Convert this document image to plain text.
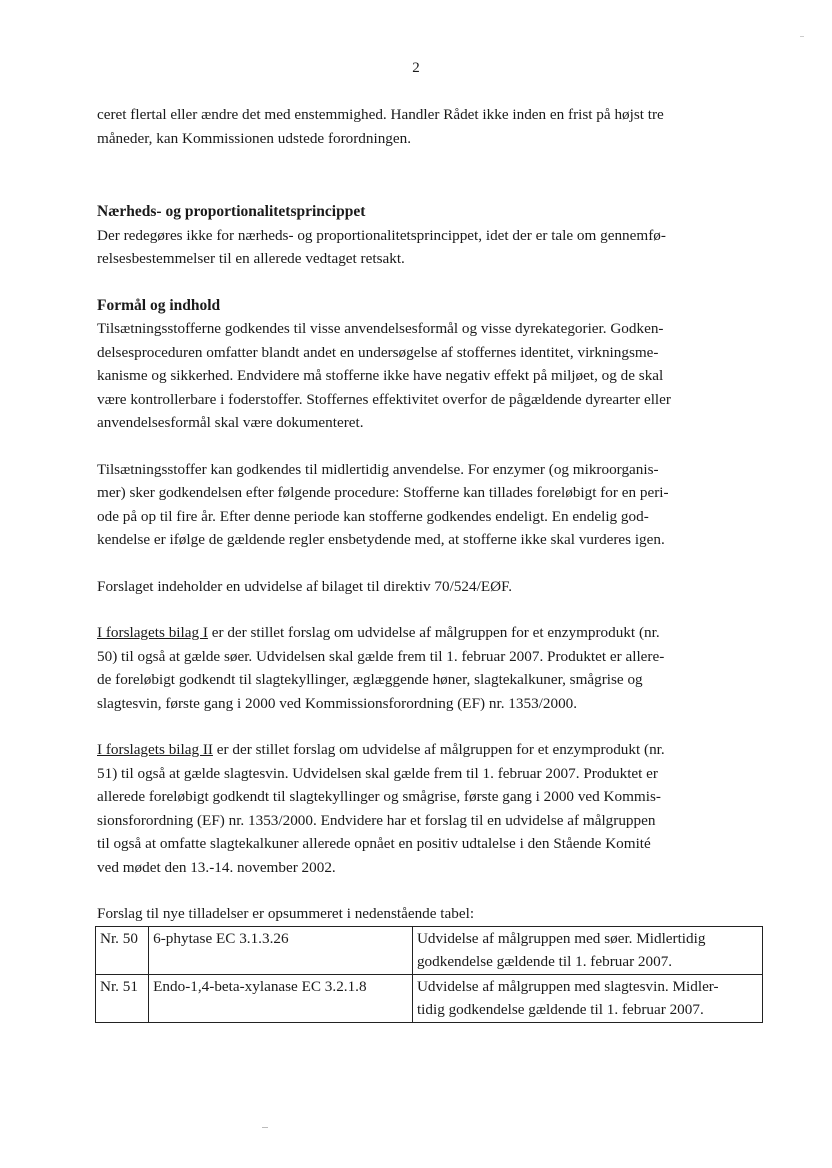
2

ceret flertal eller ændre det med enstemmighed. Handler Rådet ikke inden en frist på højst tre
måneder, kan Kommissionen udstede forordningen.

Nærheds- og proportionalitetsprincippet

Der redegøres ikke for nærheds- og proportionalitetsprincippet, idet der er tale om gennemfø-
relsesbestemmelser til en allerede vedtaget retsakt.

Formål og indhold

Tilsætningsstofferne godkendes til visse anvendelsesformål og visse dyrekategorier. Godken-
delsesproceduren omfatter blandt andet en undersøgelse af stoffernes identitet, virkningsme-
kanisme og sikkerhed. Endvidere må stofferne ikke have negativ effekt på miljøet, og de skal
være kontrollerbare i foderstoffer. Stoffernes effektivitet overfor de pågældende dyrearter eller
anvendelsesformål skal være dokumenteret.

Tilsætningsstoffer kan godkendes til midlertidig anvendelse. For enzymer (og mikroorganis-
mer) sker godkendelsen efter følgende procedure: Stofferne kan tillades foreløbigt for en peri-
ode på op til fire år. Efter denne periode kan stofferne godkendes endeligt. En endelig god-
kendelse er ifølge de gældende regler ensbetydende med, at stofferne ikke skal vurderes igen.

Forslaget indeholder en udvidelse af bilaget til direktiv 70/524/EØF.

I forslagets bilag I er der stillet forslag om udvidelse af målgruppen for et enzymprodukt (nr.
50) til også at gælde søer. Udvidelsen skal gælde frem til 1. februar 2007. Produktet er allere-
de foreløbigt godkendt til slagtekyllinger, æglæggende høner, slagtekalkuner, smågrise og
slagtesvin, første gang i 2000 ved Kommissionsforordning (EF) nr. 1353/2000.

I forslagets bilag II er der stillet forslag om udvidelse af målgruppen for et enzymprodukt (nr.
51) til også at gælde slagtesvin. Udvidelsen skal gælde frem til 1. februar 2007. Produktet er
allerede foreløbigt godkendt til slagtekyllinger og smågrise, første gang i 2000 ved Kommis-
sionsforordning (EF) nr. 1353/2000. Endvidere har et forslag til en udvidelse af målgruppen
til også at omfatte slagtekalkuner allerede opnået en positiv udtalelse i den Stående Komité
ved mødet den 13.-14. november 2002.

Forslag til nye tilladelser er opsummeret i nedenstående tabel:

Nr. 50	6-phytase EC 3.1.3.26	Udvidelse af målgruppen med søer. Midlertidig
godkendelse gældende til 1. februar 2007.

Nr. 51	Endo-1,4-beta-xylanase EC 3.2.1.8	Udvidelse af målgruppen med slagtesvin. Midler-
tidig godkendelse gældende til 1. februar 2007.
